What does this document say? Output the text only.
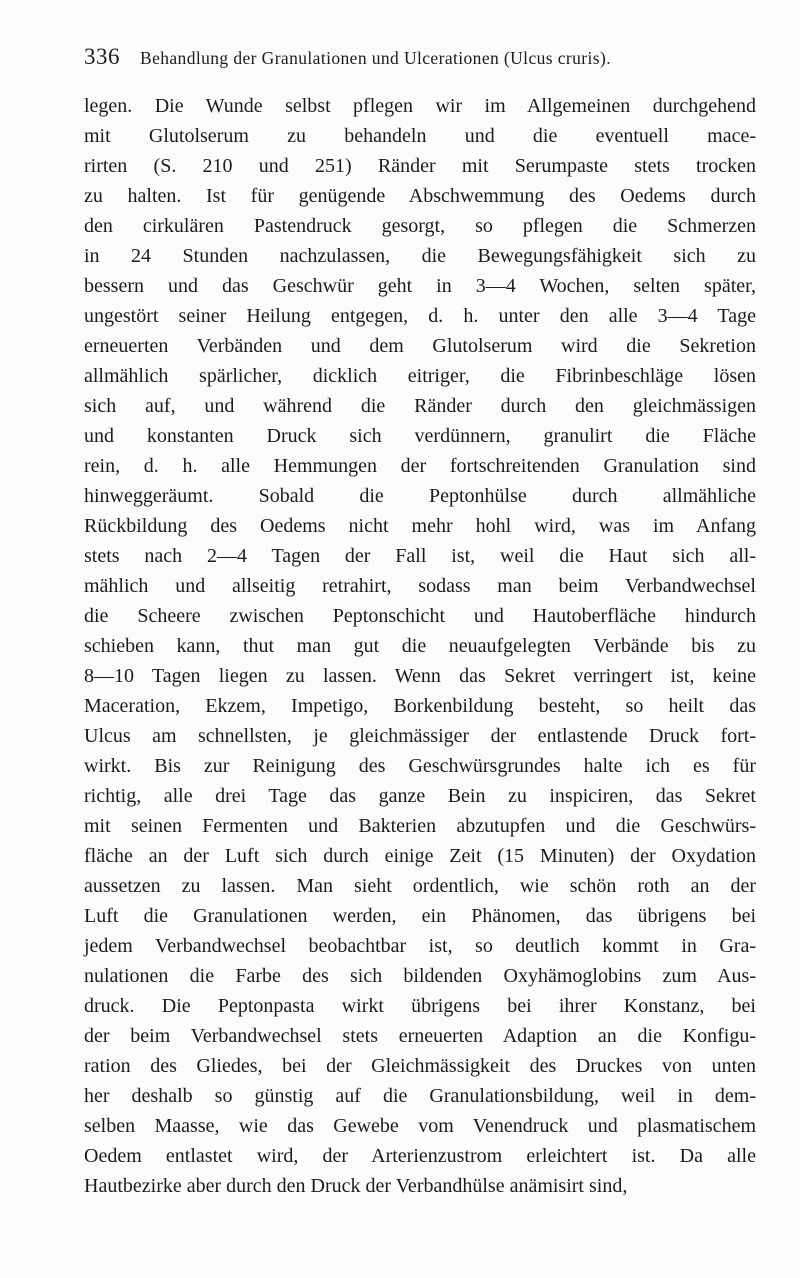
336	Behandlung der Granulationen und Ulcerationen (Ulcus cruris).
legen. Die Wunde selbst pflegen wir im Allgemeinen durchgehend
mit Glutolserum zu behandeln und die eventuell mace-
rirten (S. 210 und 251) Ränder mit Serumpaste stets trocken
zu halten. Ist für genügende Abschwemmung des Oedems durch
den cirkulären Pastendruck gesorgt, so pflegen die Schmerzen
in 24 Stunden nachzulassen, die Bewegungsfähigkeit sich zu
bessern und das Geschwür geht in 3—4 Wochen, selten später,
ungestört seiner Heilung entgegen, d. h. unter den alle 3—4 Tage
erneuerten Verbänden und dem Glutolserum wird die Sekretion
allmählich spärlicher, dicklich eitriger, die Fibrinbeschläge lösen
sich auf, und während die Ränder durch den gleichmässigen
und konstanten Druck sich verdünnern, granulirt die Fläche
rein, d. h. alle Hemmungen der fortschreitenden Granulation sind
hinweggeräumt. Sobald die Peptonhülse durch allmähliche
Rückbildung des Oedems nicht mehr hohl wird, was im Anfang
stets nach 2—4 Tagen der Fall ist, weil die Haut sich all-
mählich und allseitig retrahirt, sodass man beim Verbandwechsel
die Scheere zwischen Peptonschicht und Hautoberfläche hindurch
schieben kann, thut man gut die neuaufgelegten Verbände bis zu
8—10 Tagen liegen zu lassen. Wenn das Sekret verringert ist, keine
Maceration, Ekzem, Impetigo, Borkenbildung besteht, so heilt das
Ulcus am schnellsten, je gleichmässiger der entlastende Druck fort-
wirkt. Bis zur Reinigung des Geschwürsgrundes halte ich es für
richtig, alle drei Tage das ganze Bein zu inspiciren, das Sekret
mit seinen Fermenten und Bakterien abzutupfen und die Geschwürs-
fläche an der Luft sich durch einige Zeit (15 Minuten) der Oxydation
aussetzen zu lassen. Man sieht ordentlich, wie schön roth an der
Luft die Granulationen werden, ein Phänomen, das übrigens bei
jedem Verbandwechsel beobachtbar ist, so deutlich kommt in Gra-
nulationen die Farbe des sich bildenden Oxyhämoglobins zum Aus-
druck. Die Peptonpasta wirkt übrigens bei ihrer Konstanz, bei
der beim Verbandwechsel stets erneuerten Adaption an die Konfigu-
ration des Gliedes, bei der Gleichmässigkeit des Druckes von unten
her deshalb so günstig auf die Granulationsbildung, weil in dem-
selben Maasse, wie das Gewebe vom Venendruck und plasmatischem
Oedem entlastet wird, der Arterienzustrom erleichtert ist. Da alle
Hautbezirke aber durch den Druck der Verbandhülse anämisirt sind,
